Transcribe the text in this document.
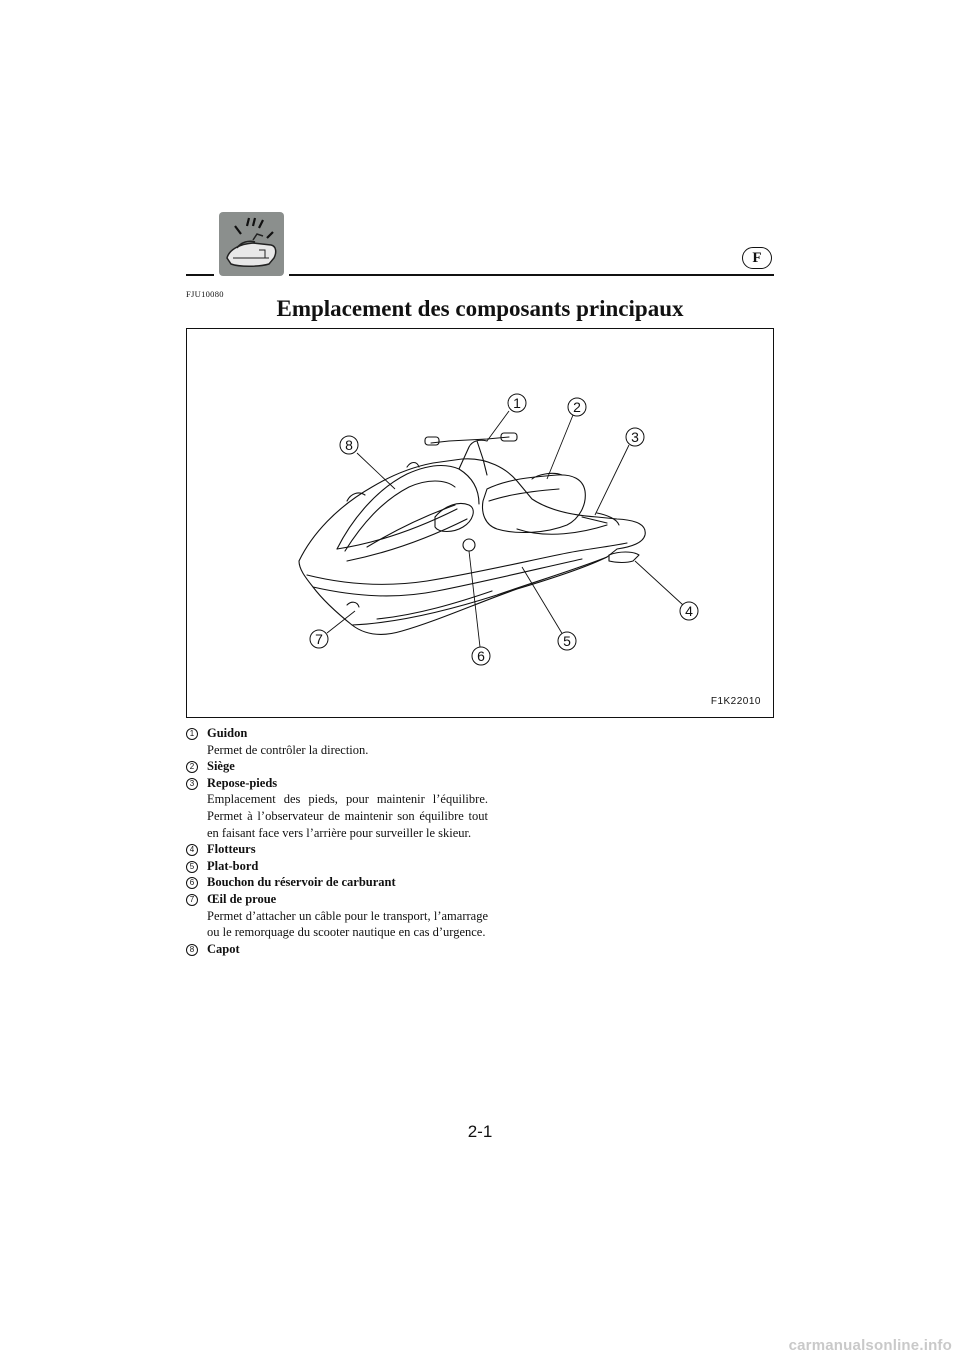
F
FJU10080
Emplacement des composants principaux
1	2
3
4
5
6
7
8
F1K22010
1	Guidon
Permet de contrôler la direction.
2	Siège
3	Repose-pieds
Emplacement des pieds, pour maintenir l’équilibre. Permet à l’observateur de maintenir son équilibre tout en faisant face vers l’arrière pour surveiller le skieur.
4	Flotteurs
5	Plat-bord
6	Bouchon du réservoir de carburant
7	Œil de proue
Permet d’attacher un câble pour le transport, l’amarrage ou le remorquage du scooter nautique en cas d’urgence.
8	Capot
2-1
carmanualsonline.info
